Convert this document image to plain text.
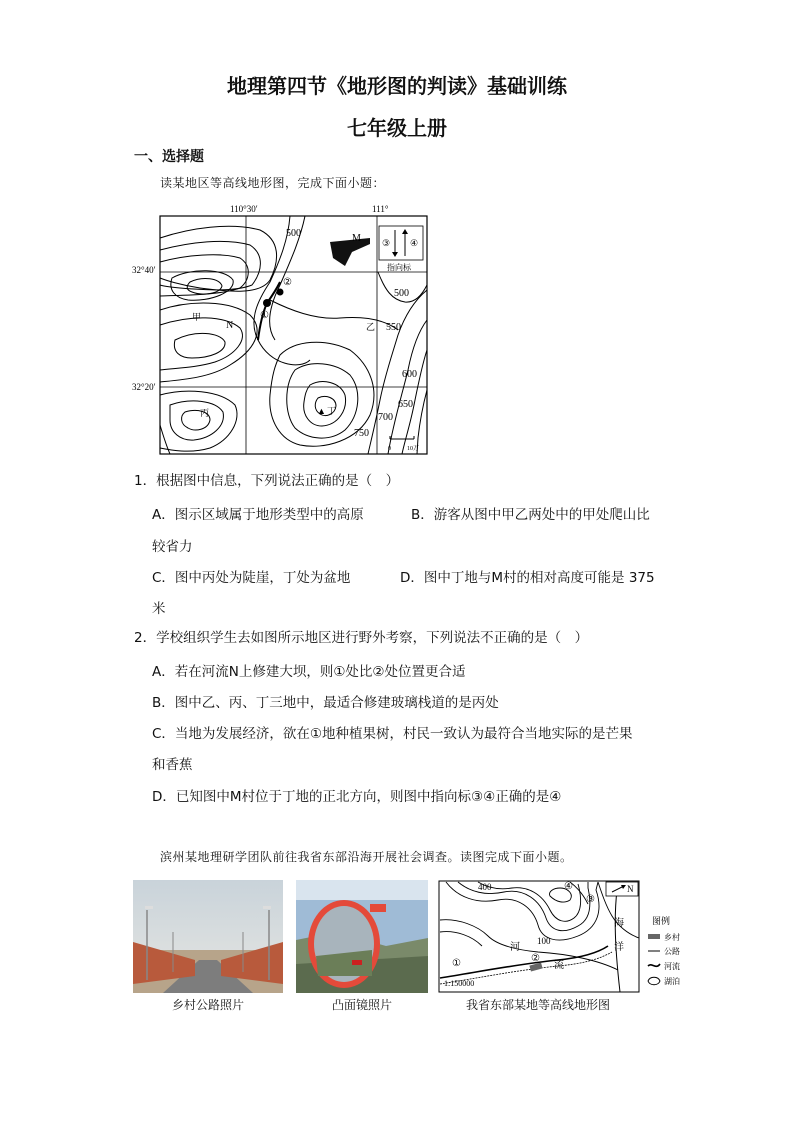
地理第四节《地形图的判读》基础训练
七年级上册
一、选择题
读某地区等高线地形图，完成下面小题：
110°30′	111°
32°40′
32°20′
①
②
甲
N	乙
丙	▲ 丁
500
500
550
600
650
700
750
M ③ ④
指向标
0	10万
1．根据图中信息，下列说法正确的是（　）
A．图示区域属于地形类型中的高原	B．游客从图中甲乙两处中的甲处爬山比
较省力
C．图中丙处为陡崖，丁处为盆地	D．图中丁地与M村的相对高度可能是 375
米
2．学校组织学生去如图所示地区进行野外考察，下列说法不正确的是（　）
A．若在河流N上修建大坝，则①处比②处位置更合适
B．图中乙、丙、丁三地中，最适合修建玻璃栈道的是丙处
C．当地为发展经济，欲在①地种植果树，村民一致认为最符合当地实际的是芒果
和香蕉
D．已知图中M村位于丁地的正北方向，则图中指向标③④正确的是④
滨州某地理研学团队前往我省东部沿海开展社会调查。读图完成下面小题。
乡村公路照片	凸面镜照片
400
100
①	②
③
④
河
流
海
洋
N
1:150000
图例
乡村
公路
河流
湖泊
我省东部某地等高线地形图
